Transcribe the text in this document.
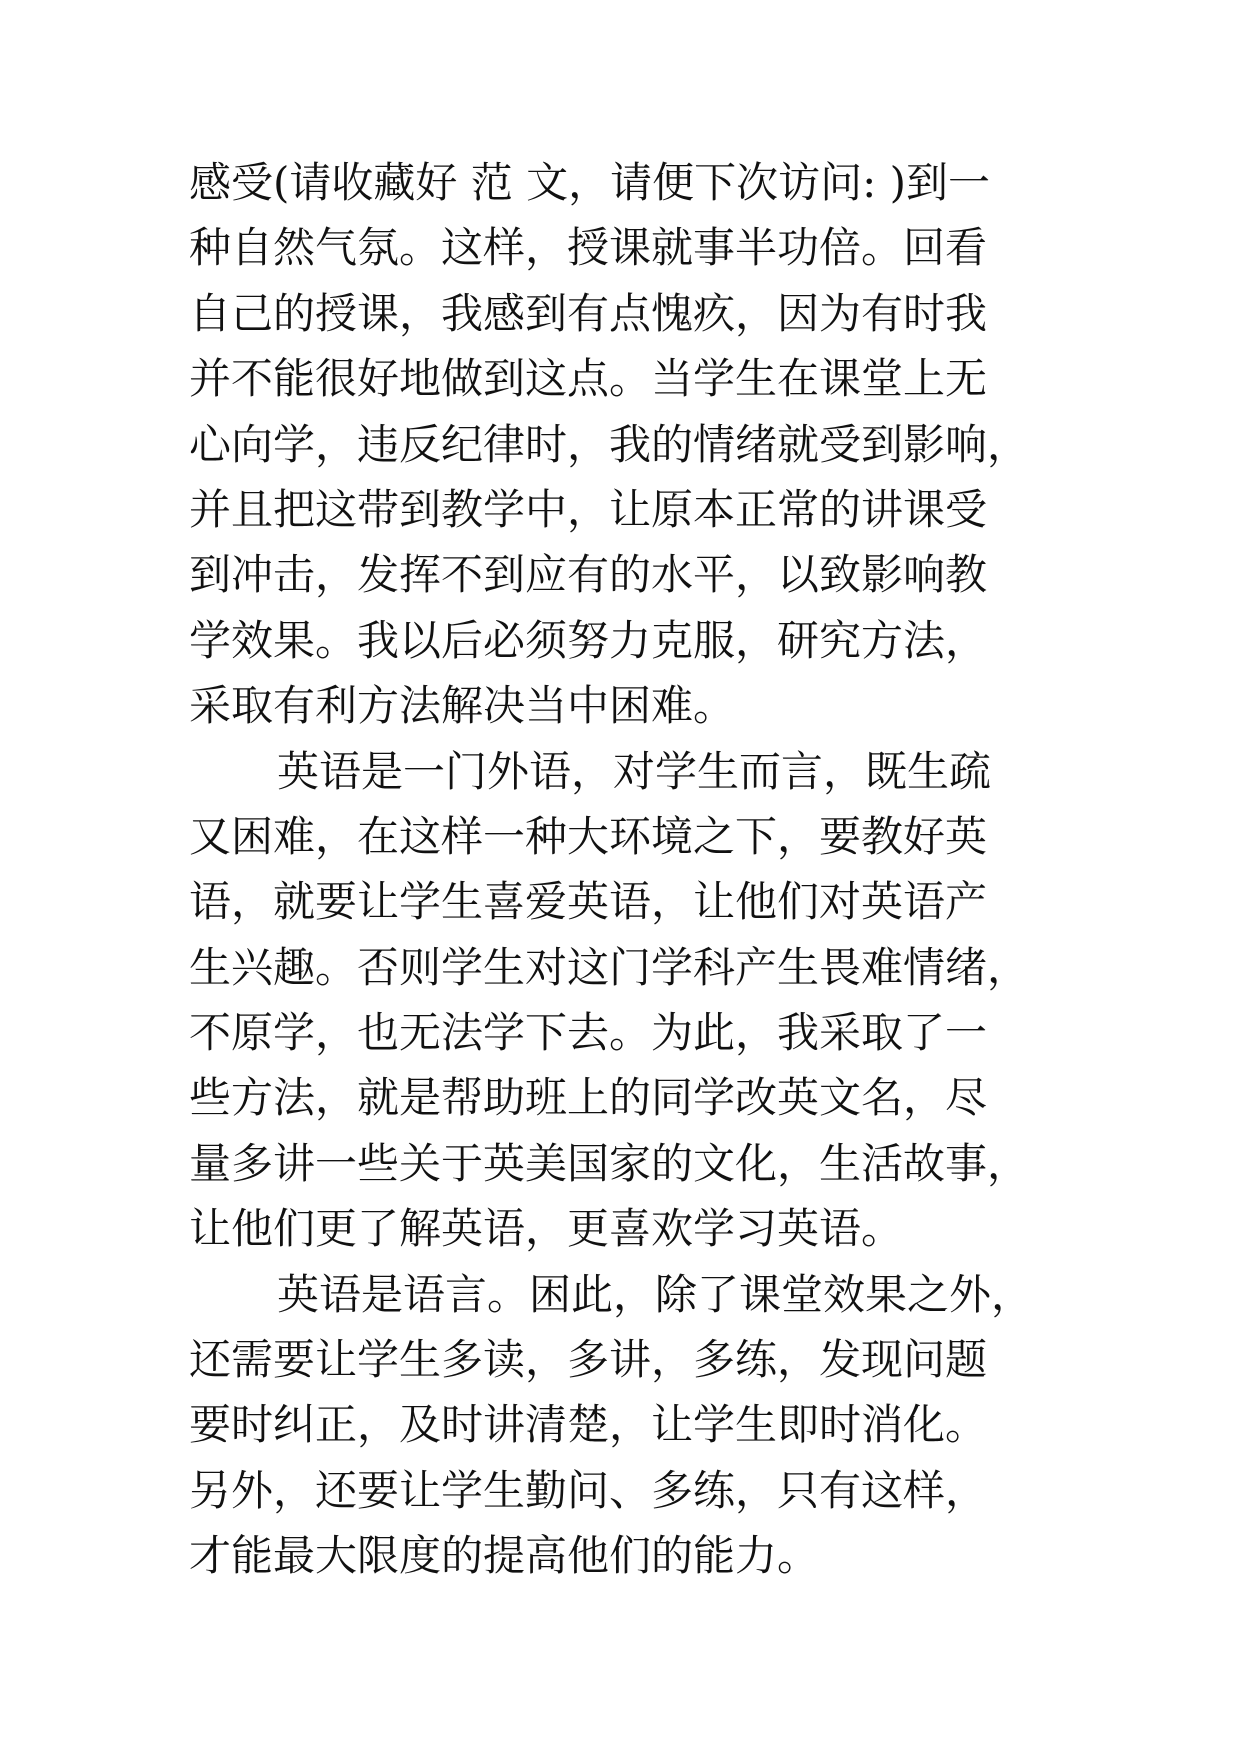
感受(请收藏好 范 文，请便下次访问: )到一
种自然气氛。这样，授课就事半功倍。回看
自己的授课，我感到有点愧疚，因为有时我
并不能很好地做到这点。当学生在课堂上无
心向学，违反纪律时，我的情绪就受到影响，
并且把这带到教学中，让原本正常的讲课受
到冲击，发挥不到应有的水平，以致影响教
学效果。我以后必须努力克服，研究方法，
采取有利方法解决当中困难。
英语是一门外语，对学生而言，既生疏
又困难，在这样一种大环境之下，要教好英
语，就要让学生喜爱英语，让他们对英语产
生兴趣。否则学生对这门学科产生畏难情绪，
不原学，也无法学下去。为此，我采取了一
些方法，就是帮助班上的同学改英文名，尽
量多讲一些关于英美国家的文化，生活故事，
让他们更了解英语，更喜欢学习英语。
英语是语言。困此，除了课堂效果之外，
还需要让学生多读，多讲，多练，发现问题
要时纠正，及时讲清楚，让学生即时消化。
另外，还要让学生勤问、多练，只有这样，
才能最大限度的提高他们的能力。
